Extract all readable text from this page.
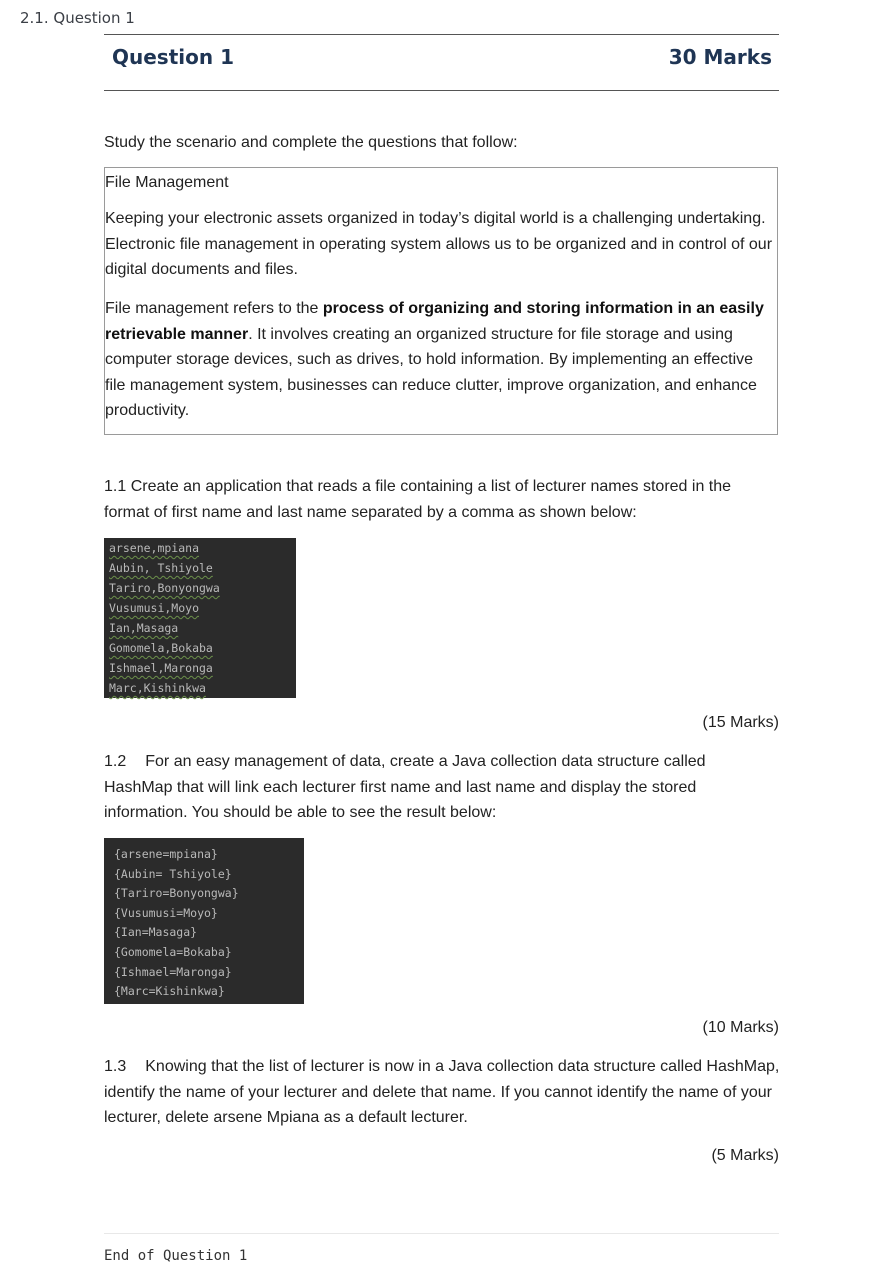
2.1. Question 1
Question 1	30 Marks
Study the scenario and complete the questions that follow:
File Management
Keeping your electronic assets organized in today’s digital world is a challenging undertaking. Electronic file management in operating system allows us to be organized and in control of our digital documents and files.
File management refers to the process of organizing and storing information in an easily retrievable manner. It involves creating an organized structure for file storage and using computer storage devices, such as drives, to hold information. By implementing an effective file management system, businesses can reduce clutter, improve organization, and enhance productivity.
1.1 Create an application that reads a file containing a list of lecturer names stored in the format of first name and last name separated by a comma as shown below:
arsene,mpiana
Aubin, Tshiyole
Tariro,Bonyongwa
Vusumusi,Moyo
Ian,Masaga
Gomomela,Bokaba
Ishmael,Maronga
Marc,Kishinkwa
(15 Marks)
1.2 For an easy management of data, create a Java collection data structure called HashMap that will link each lecturer first name and last name and display the stored information. You should be able to see the result below:
{arsene=mpiana}
{Aubin= Tshiyole}
{Tariro=Bonyongwa}
{Vusumusi=Moyo}
{Ian=Masaga}
{Gomomela=Bokaba}
{Ishmael=Maronga}
{Marc=Kishinkwa}
(10 Marks)
1.3 Knowing that the list of lecturer is now in a Java collection data structure called HashMap, identify the name of your lecturer and delete that name. If you cannot identify the name of your lecturer, delete arsene Mpiana as a default lecturer.
(5 Marks)
End of Question 1
